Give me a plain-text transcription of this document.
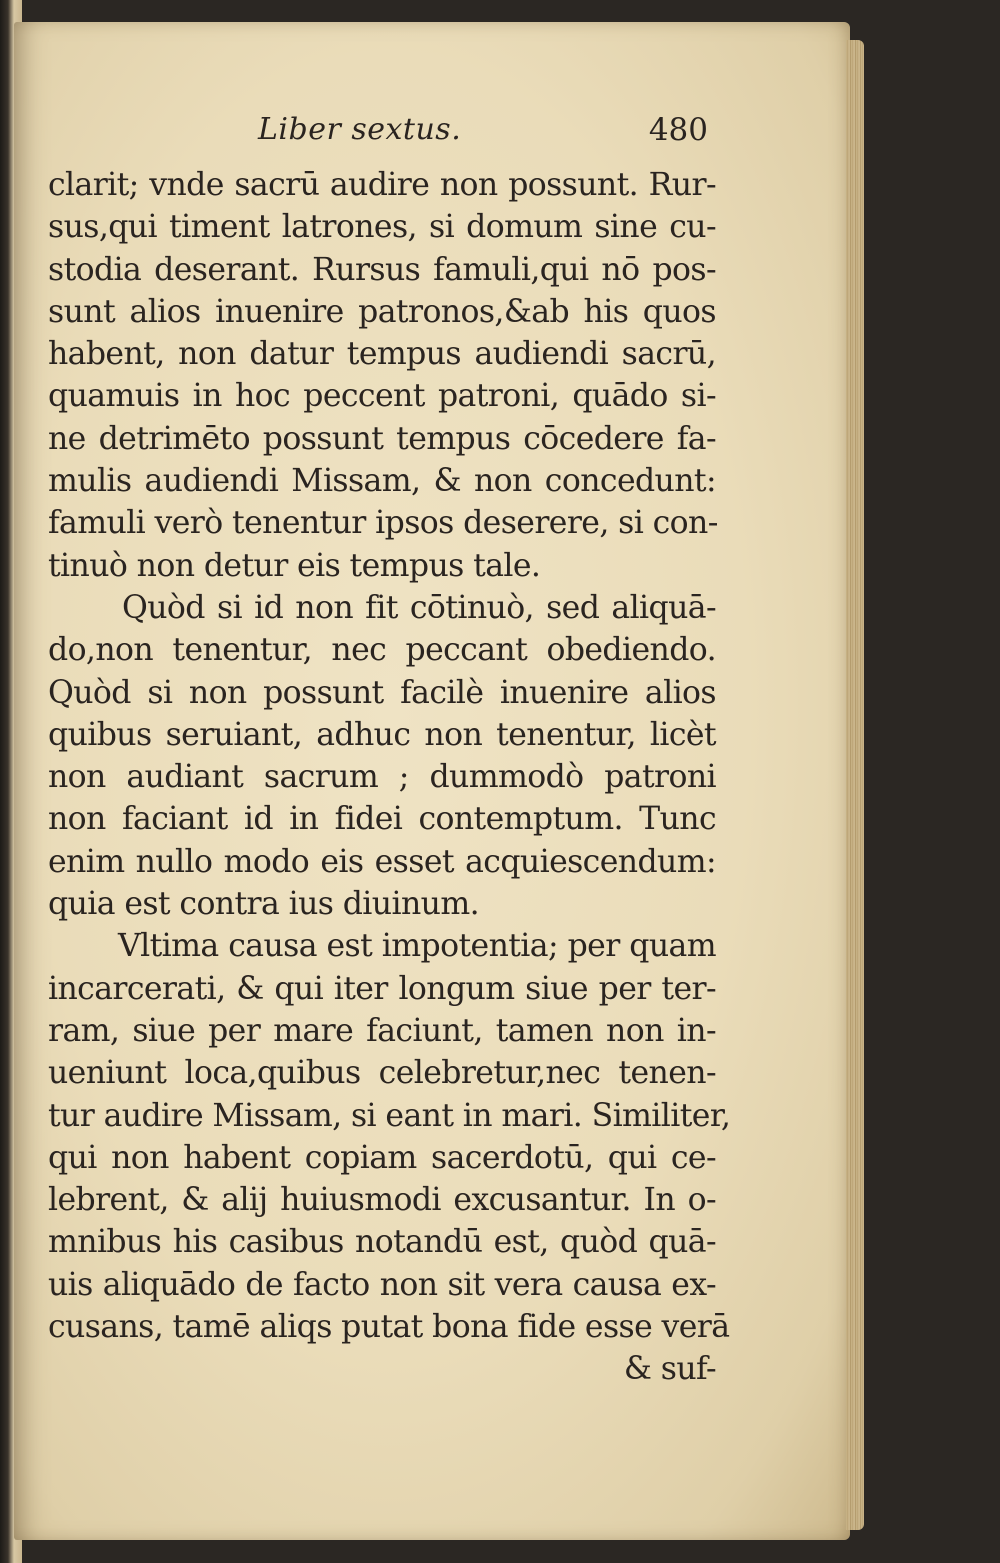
Liber sextus.	480
clarit; vnde sacrū audire non possunt. Rur-
sus,qui timent latrones, si domum sine cu-
stodia deserant. Rursus famuli,qui nō pos-
sunt alios inuenire patronos,&ab his quos
habent, non datur tempus audiendi sacrū,
quamuis in hoc peccent patroni, quādo si-
ne detrimēto possunt tempus cōcedere fa-
mulis audiendi Missam, & non concedunt:
famuli verò tenentur ipsos deserere, si con-
tinuò non detur eis tempus tale.
Quòd si id non fit cōtinuò, sed aliquā-
do,non tenentur, nec peccant obediendo.
Quòd si non possunt facilè inuenire alios
quibus seruiant, adhuc non tenentur, licèt
non audiant sacrum ; dummodò patroni
non faciant id in fidei contemptum. Tunc
enim nullo modo eis esset acquiescendum:
quia est contra ius diuinum.
Vltima causa est impotentia; per quam
incarcerati, & qui iter longum siue per ter-
ram, siue per mare faciunt, tamen non in-
ueniunt loca,quibus celebretur,nec tenen-
tur audire Missam, si eant in mari. Similiter,
qui non habent copiam sacerdotū, qui ce-
lebrent, & alij huiusmodi excusantur. In o-
mnibus his casibus notandū est, quòd quā-
uis aliquādo de facto non sit vera causa ex-
cusans, tamē aliqs putat bona fide esse verā
& suf-
